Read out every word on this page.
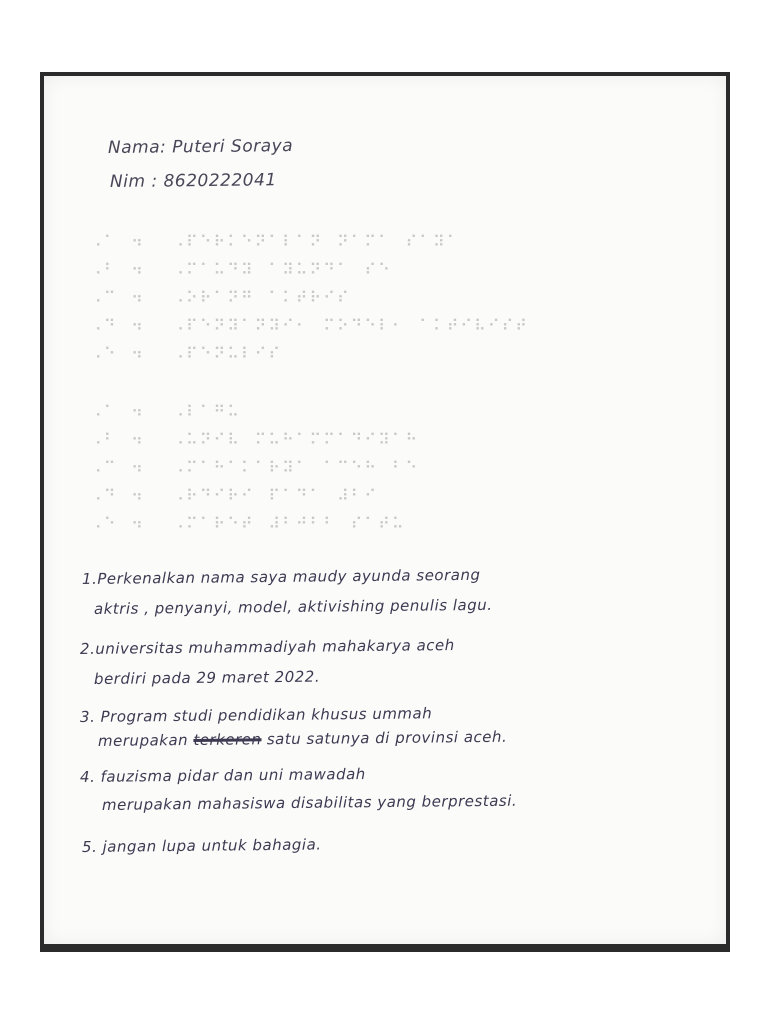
Nama: Puteri Soraya
Nim : 8620222041
⠠⠁⠀⠲⠀⠀⠠⠏⠑⠗⠅⠑⠝⠁⠇⠁⠝⠀⠝⠁⠍⠁⠀⠎⠁⠽⠁
⠠⠃⠀⠲⠀⠀⠠⠍⠁⠥⠙⠽⠀⠁⠽⠥⠝⠙⠁⠀⠎⠑
⠠⠉⠀⠲⠀⠀⠠⠕⠗⠁⠝⠛⠀⠁⠅⠞⠗⠊⠎
⠠⠙⠀⠲⠀⠀⠠⠏⠑⠝⠽⠁⠝⠽⠊⠂⠀⠍⠕⠙⠑⠇⠂⠀⠁⠅⠞⠊⠧⠊⠎⠞
⠠⠑⠀⠲⠀⠀⠠⠏⠑⠝⠥⠇⠊⠎
⠠⠁⠀⠲⠀⠀⠠⠇⠁⠛⠥
⠠⠃⠀⠲⠀⠀⠠⠥⠝⠊⠧⠀⠍⠥⠓⠁⠍⠍⠁⠙⠊⠽⠁⠓
⠠⠉⠀⠲⠀⠀⠠⠍⠁⠓⠁⠅⠁⠗⠽⠁⠀⠁⠉⠑⠓⠀⠃⠑
⠠⠙⠀⠲⠀⠀⠠⠗⠙⠊⠗⠊⠀⠏⠁⠙⠁⠀⠼⠃⠊
⠠⠑⠀⠲⠀⠀⠠⠍⠁⠗⠑⠞⠀⠼⠃⠚⠃⠃⠀⠎⠁⠞⠥
1.Perkenalkan nama saya maudy ayunda seorang
aktris , penyanyi, model, aktivishing penulis lagu.
2.universitas muhammadiyah mahakarya aceh
berdiri pada 29 maret 2022.
3. Program studi pendidikan khusus ummah
merupakan terkeren satu satunya di provinsi aceh.
4. fauzisma pidar dan uni mawadah
merupakan mahasiswa disabilitas yang berprestasi.
5. jangan lupa untuk bahagia.
